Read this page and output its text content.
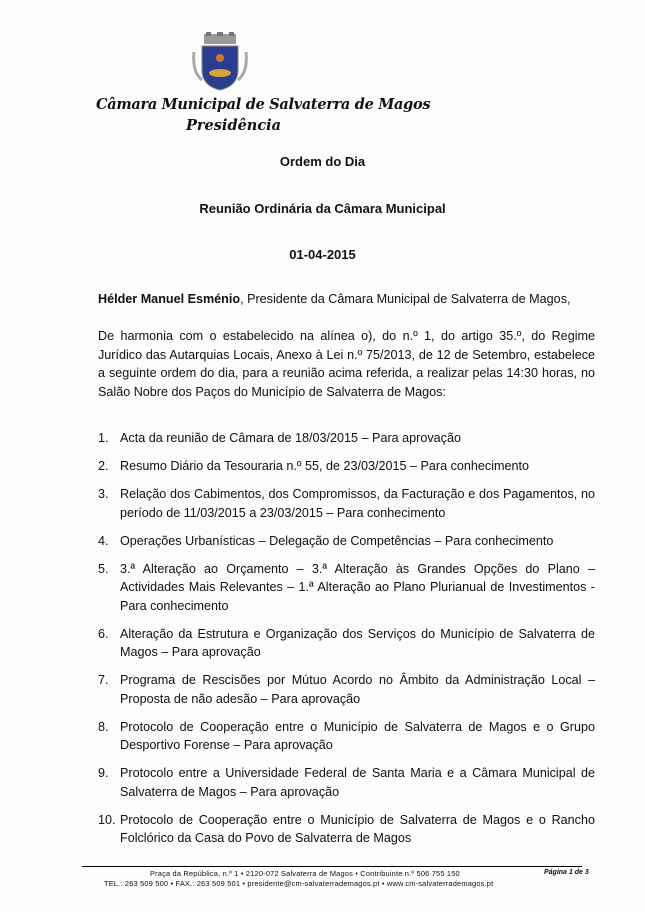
Câmara Municipal de Salvaterra de Magos
Presidência
Ordem do Dia
Reunião Ordinária da Câmara Municipal
01-04-2015
Hélder Manuel Esménio, Presidente da Câmara Municipal de Salvaterra de Magos,
De harmonia com o estabelecido na alínea o), do n.º 1, do artigo 35.º, do Regime Jurídico das Autarquias Locais, Anexo à Lei n.º 75/2013, de 12 de Setembro, estabelece a seguinte ordem do dia, para a reunião acima referida, a realizar pelas 14:30 horas, no Salão Nobre dos Paços do Município de Salvaterra de Magos:
1. Acta da reunião de Câmara de 18/03/2015 – Para aprovação
2. Resumo Diário da Tesouraria n.º 55, de 23/03/2015 – Para conhecimento
3. Relação dos Cabimentos, dos Compromissos, da Facturação e dos Pagamentos, no período de 11/03/2015 a 23/03/2015 – Para conhecimento
4. Operações Urbanísticas – Delegação de Competências – Para conhecimento
5. 3.ª Alteração ao Orçamento – 3.ª Alteração às Grandes Opções do Plano – Actividades Mais Relevantes – 1.ª Alteração ao Plano Plurianual de Investimentos - Para conhecimento
6. Alteração da Estrutura e Organização dos Serviços do Município de Salvaterra de Magos – Para aprovação
7. Programa de Rescisões por Mútuo Acordo no Âmbito da Administração Local – Proposta de não adesão – Para aprovação
8. Protocolo de Cooperação entre o Município de Salvaterra de Magos e o Grupo Desportivo Forense – Para aprovação
9. Protocolo entre a Universidade Federal de Santa Maria e a Câmara Municipal de Salvaterra de Magos – Para aprovação
10. Protocolo de Cooperação entre o Município de Salvaterra de Magos e o Rancho Folclórico da Casa do Povo de Salvaterra de Magos
Praça da República, n.º 1 • 2120-072 Salvaterra de Magos • Contribuinte n.º 506 755 150	Página 1 de 3
TEL.: 263 509 500 • FAX.: 263 509 501 • presidente@cm-salvaterrademagos.pt • www.cm-salvaterrademagos.pt
